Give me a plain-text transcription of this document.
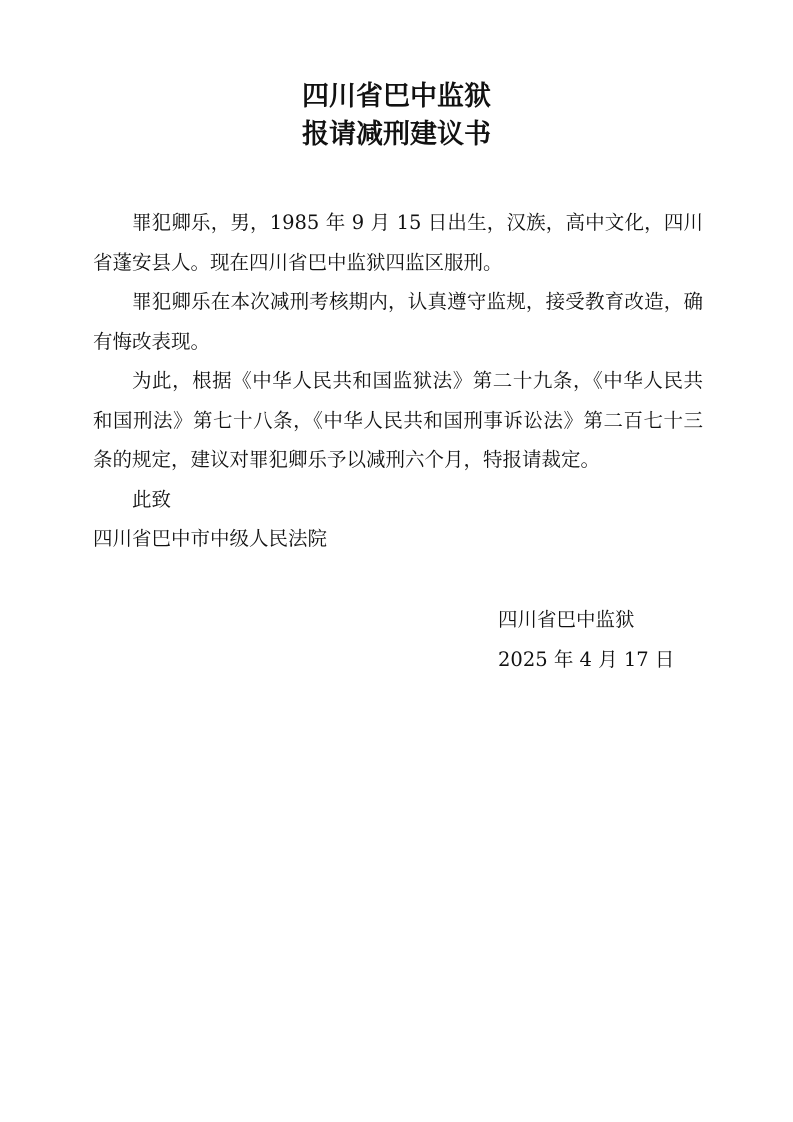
四川省巴中监狱
报请减刑建议书

罪犯卿乐，男，1985 年 9 月 15 日出生，汉族，高中文化，四川省蓬安县人。现在四川省巴中监狱四监区服刑。

罪犯卿乐在本次减刑考核期内，认真遵守监规，接受教育改造，确有悔改表现。

为此，根据《中华人民共和国监狱法》第二十九条，《中华人民共和国刑法》第七十八条，《中华人民共和国刑事诉讼法》第二百七十三条的规定，建议对罪犯卿乐予以减刑六个月，特报请裁定。

此致

四川省巴中市中级人民法院

四川省巴中监狱
2025 年 4 月 17 日
